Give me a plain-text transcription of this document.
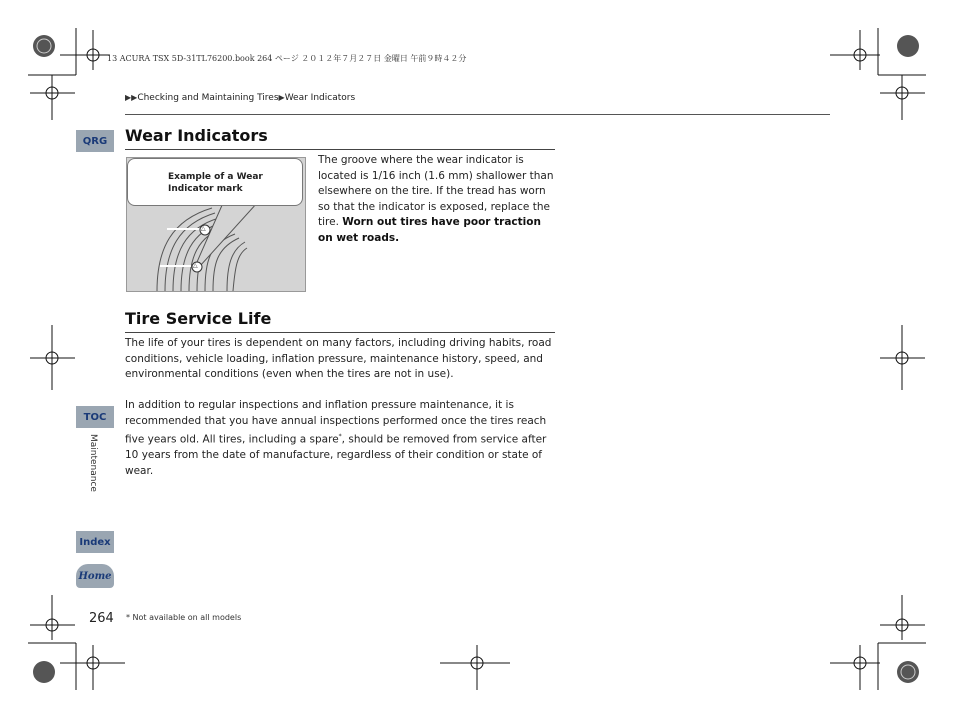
13 ACURA TSX 5D-31TL76200.book 264 ページ ２０１２年７月２７日 金曜日 午前９時４２分
▶▶Checking and Maintaining Tires▶Wear Indicators
QRG
TOC
Maintenance
Index
Home
Wear Indicators
△
△
Example of a Wear Indicator mark
The groove where the wear indicator is located is 1/16 inch (1.6 mm) shallower than elsewhere on the tire. If the tread has worn so that the indicator is exposed, replace the tire. Worn out tires have poor traction on wet roads.
Tire Service Life
The life of your tires is dependent on many factors, including driving habits, road conditions, vehicle loading, inflation pressure, maintenance history, speed, and environmental conditions (even when the tires are not in use).
In addition to regular inspections and inflation pressure maintenance, it is recommended that you have annual inspections performed once the tires reach five years old. All tires, including a spare*, should be removed from service after 10 years from the date of manufacture, regardless of their condition or state of wear.
264 * Not available on all models
